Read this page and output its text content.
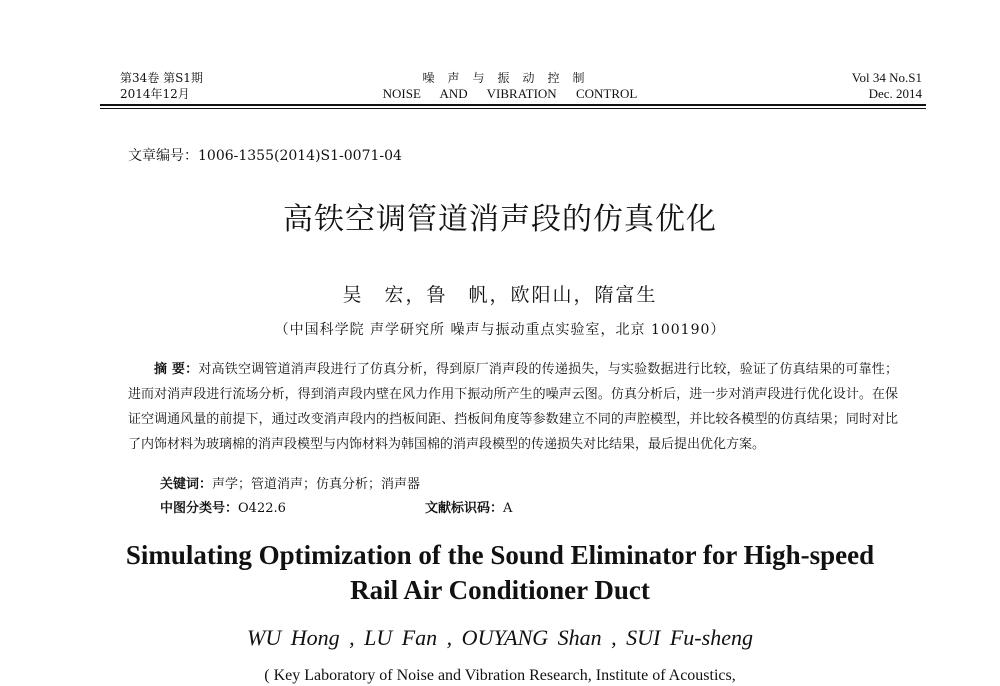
第34卷 第S1期
2014年12月
噪声与振动控制
NOISE AND VIBRATION CONTROL
Vol 34 No.S1
Dec. 2014
文章编号：1006-1355(2014)S1-0071-04
高铁空调管道消声段的仿真优化
吴　宏，鲁　帆，欧阳山，隋富生
（中国科学院 声学研究所 噪声与振动重点实验室，北京 100190）
摘 要：对高铁空调管道消声段进行了仿真分析，得到原厂消声段的传递损失，与实验数据进行比较，验证了仿真结果的可靠性；进而对消声段进行流场分析，得到消声段内壁在风力作用下振动所产生的噪声云图。仿真分析后，进一步对消声段进行优化设计。在保证空调通风量的前提下，通过改变消声段内的挡板间距、挡板间角度等参数建立不同的声腔模型，并比较各模型的仿真结果；同时对比了内饰材料为玻璃棉的消声段模型与内饰材料为韩国棉的消声段模型的传递损失对比结果，最后提出优化方案。
关键词：声学；管道消声；仿真分析；消声器
中图分类号：O422.6	文献标识码：A
Simulating Optimization of the Sound Eliminator for High-speed
Rail Air Conditioner Duct
WU Hong , LU Fan , OUYANG Shan , SUI Fu-sheng
( Key Laboratory of Noise and Vibration Research, Institute of Acoustics,
